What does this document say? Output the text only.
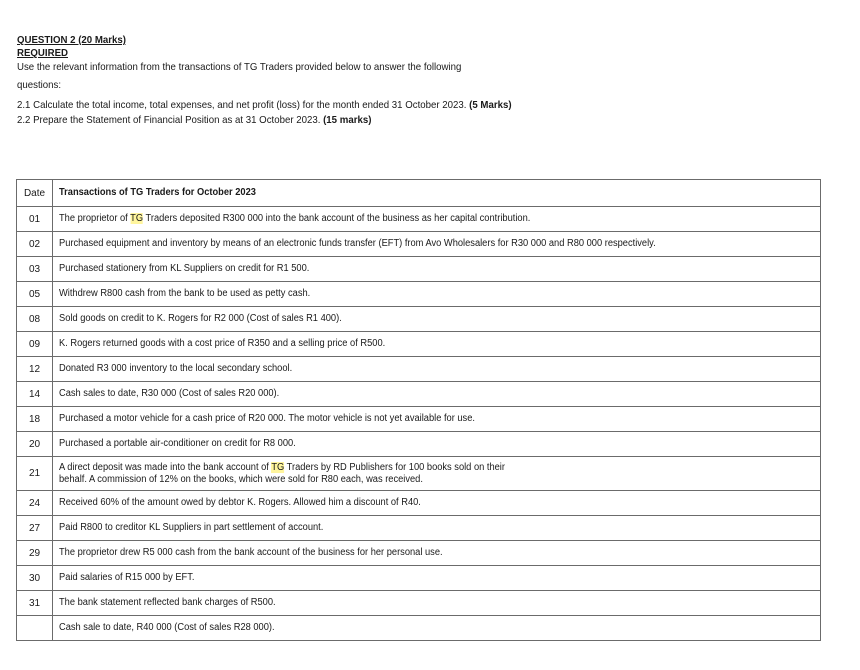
QUESTION 2 (20 Marks)
REQUIRED
Use the relevant information from the transactions of TG Traders provided below to answer the following
questions:
2.1 Calculate the total income, total expenses, and net profit (loss) for the month ended 31 October 2023. (5 Marks)
2.2 Prepare the Statement of Financial Position as at 31 October 2023. (15 marks)
Date	Transactions of TG Traders for October 2023

01	The proprietor of TG Traders deposited R300 000 into the bank account of the business as her capital contribution.

02	Purchased equipment and inventory by means of an electronic funds transfer (EFT) from Avo Wholesalers for R30 000 and R80 000 respectively.

03	Purchased stationery from KL Suppliers on credit for R1 500.

05	Withdrew R800 cash from the bank to be used as petty cash.

08	Sold goods on credit to K. Rogers for R2 000 (Cost of sales R1 400).

09	K. Rogers returned goods with a cost price of R350 and a selling price of R500.

12	Donated R3 000 inventory to the local secondary school.

14	Cash sales to date, R30 000 (Cost of sales R20 000).

18	Purchased a motor vehicle for a cash price of R20 000. The motor vehicle is not yet available for use.

20	Purchased a portable air-conditioner on credit for R8 000.

21	A direct deposit was made into the bank account of TG Traders by RD Publishers for 100 books sold on their behalf. A commission of 12% on the books, which were sold for R80 each, was received.

24	Received 60% of the amount owed by debtor K. Rogers. Allowed him a discount of R40.

27	Paid R800 to creditor KL Suppliers in part settlement of account.

29	The proprietor drew R5 000 cash from the bank account of the business for her personal use.

30	Paid salaries of R15 000 by EFT.

31	The bank statement reflected bank charges of R500.

	Cash sale to date, R40 000 (Cost of sales R28 000).
